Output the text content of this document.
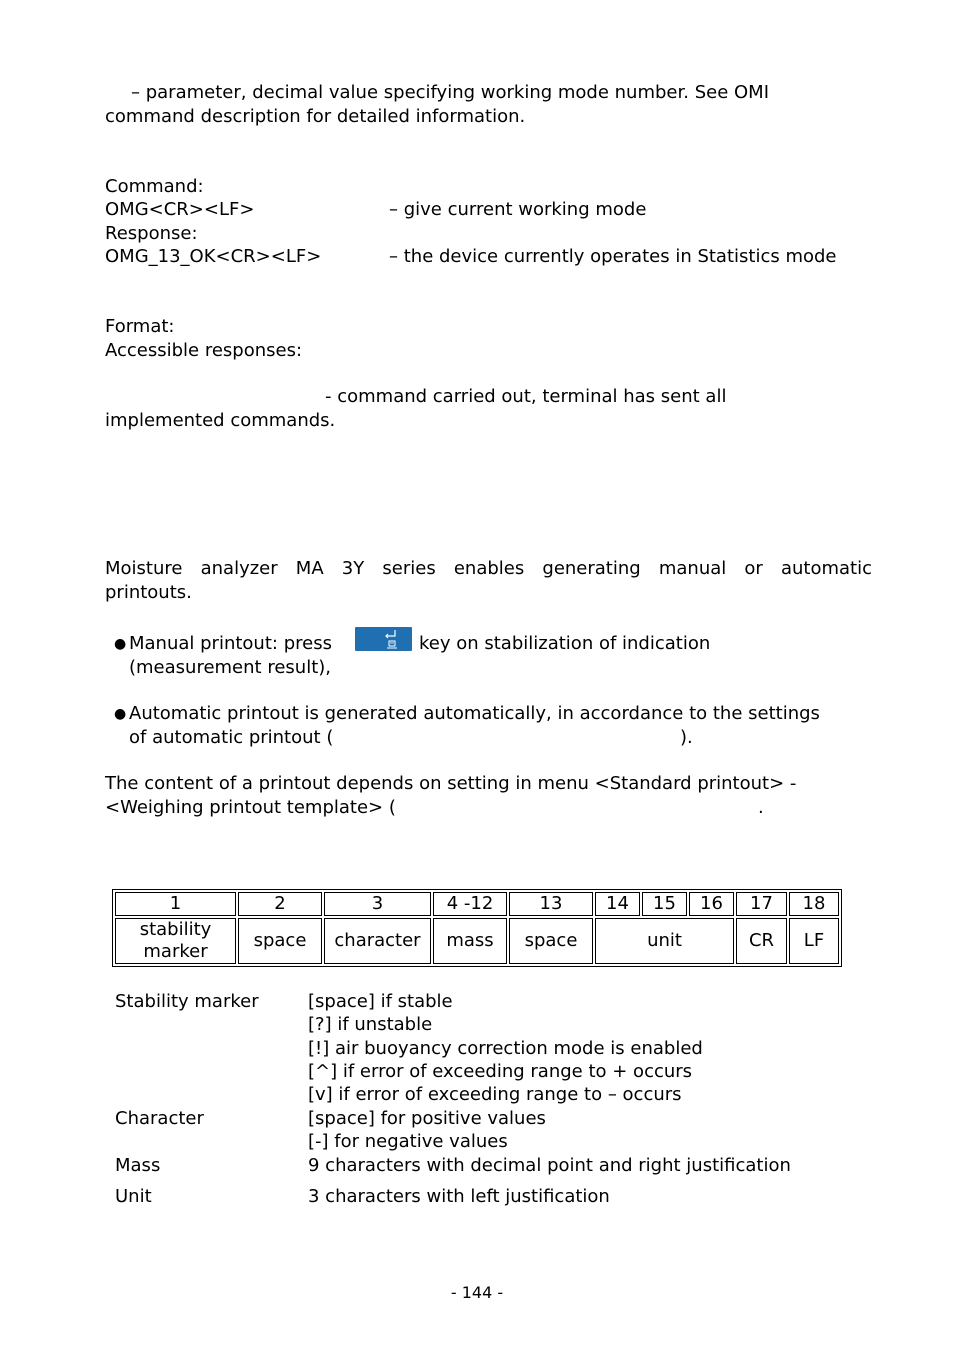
– parameter, decimal value specifying working mode number. See OMI
command description for detailed information.
Command:
OMG<CR><LF>	– give current working mode
Response:
OMG_13_OK<CR><LF>	– the device currently operates in Statistics mode
Format:
Accessible responses:
- command carried out, terminal has sent all
implemented commands.
Moisture analyzer MA 3Y series enables generating manual or automatic
printouts.
● Manual printout: press	key on stabilization of indication
(measurement result),
● Automatic printout is generated automatically, in accordance to the settings
of automatic printout (	).
The content of a printout depends on setting in menu <Standard printout> -
<Weighing printout template> (	.
1	2	3	4 -12	13	14	15	16	17	18
stability marker	space	character	mass	space	unit			CR	LF
Stability marker	[space] if stable
[?] if unstable
[!] air buoyancy correction mode is enabled
[^] if error of exceeding range to + occurs
[v] if error of exceeding range to – occurs
Character	[space] for positive values
[-] for negative values
Mass	9 characters with decimal point and right justification
Unit	3 characters with left justification
- 144 -
